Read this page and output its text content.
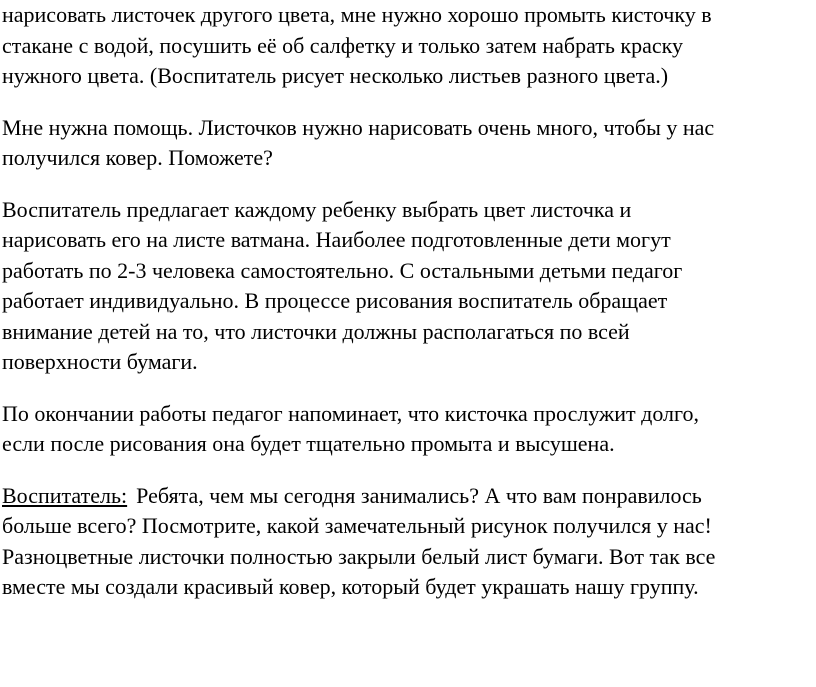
нарисовать листочек другого цвета, мне нужно хорошо промыть кисточку в
стакане с водой, посушить её об салфетку и только затем набрать краску
нужного цвета. (Воспитатель рисует несколько листьев разного цвета.)

Мне нужна помощь. Листочков нужно нарисовать очень много, чтобы у нас
получился ковер. Поможете?

Воспитатель предлагает каждому ребенку выбрать цвет листочка и
нарисовать его на листе ватмана. Наиболее подготовленные дети могут
работать по 2-3 человека самостоятельно. С остальными детьми педагог
работает индивидуально. В процессе рисования воспитатель обращает
внимание детей на то, что листочки должны располагаться по всей
поверхности бумаги.

По окончании работы педагог напоминает, что кисточка прослужит долго,
если после рисования она будет тщательно промыта и высушена.

Воспитатель: Ребята, чем мы сегодня занимались? А что вам понравилось
больше всего? Посмотрите, какой замечательный рисунок получился у нас!
Разноцветные листочки полностью закрыли белый лист бумаги. Вот так все
вместе мы создали красивый ковер, который будет украшать нашу группу.
